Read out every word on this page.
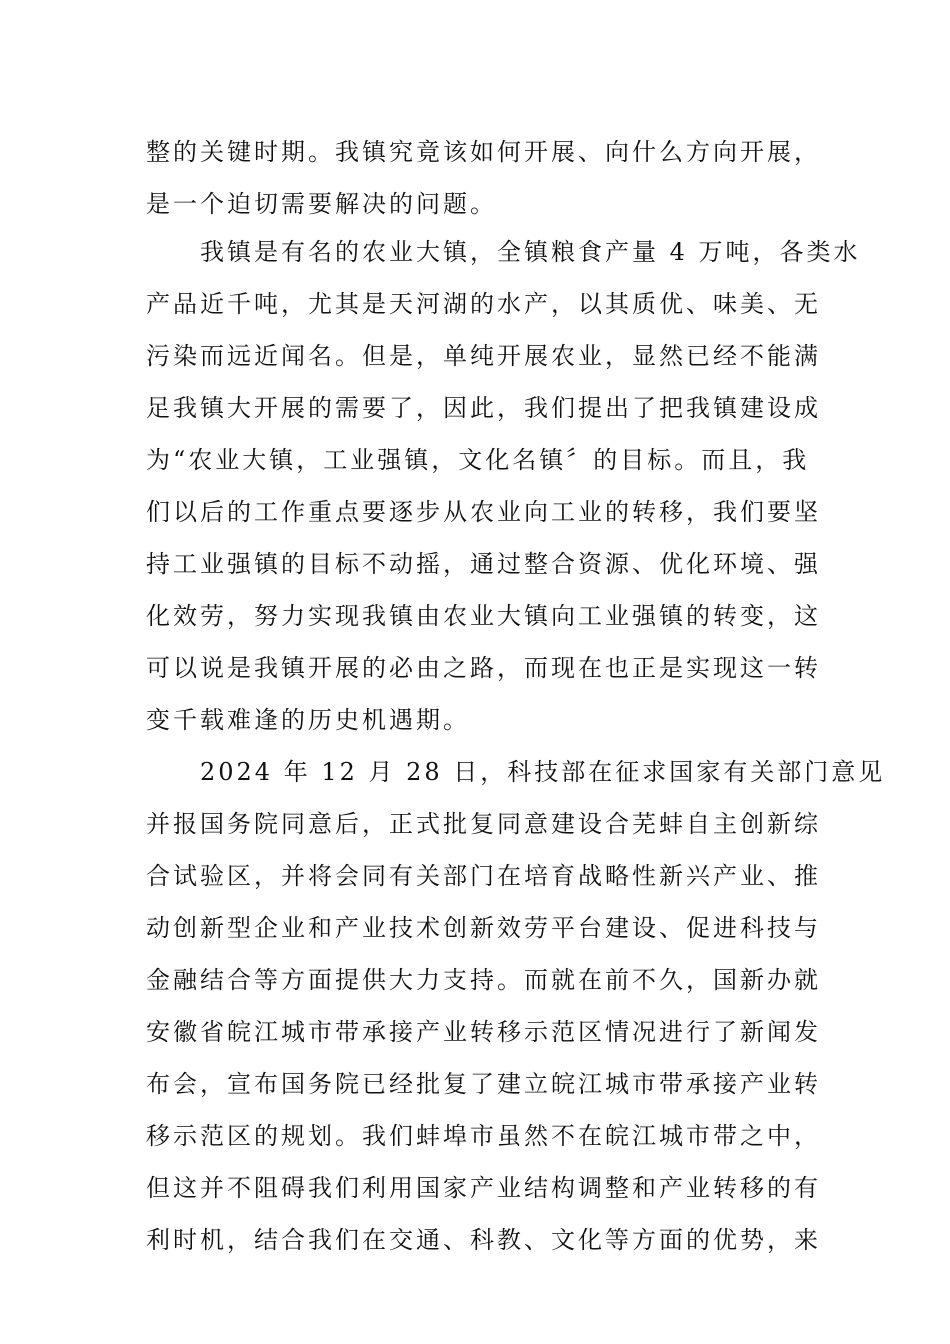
整的关键时期。我镇究竟该如何开展、向什么方向开展，
是一个迫切需要解决的问题。
　　我镇是有名的农业大镇，全镇粮食产量 4 万吨，各类水
产品近千吨，尤其是天河湖的水产，以其质优、味美、无
污染而远近闻名。但是，单纯开展农业，显然已经不能满
足我镇大开展的需要了，因此，我们提出了把我镇建设成
为“农业大镇，工业强镇，文化名镇〞的目标。而且，我
们以后的工作重点要逐步从农业向工业的转移，我们要坚
持工业强镇的目标不动摇，通过整合资源、优化环境、强
化效劳，努力实现我镇由农业大镇向工业强镇的转变，这
可以说是我镇开展的必由之路，而现在也正是实现这一转
变千载难逢的历史机遇期。
　　2024 年 12 月 28 日，科技部在征求国家有关部门意见
并报国务院同意后，正式批复同意建设合芜蚌自主创新综
合试验区，并将会同有关部门在培育战略性新兴产业、推
动创新型企业和产业技术创新效劳平台建设、促进科技与
金融结合等方面提供大力支持。而就在前不久，国新办就
安徽省皖江城市带承接产业转移示范区情况进行了新闻发
布会，宣布国务院已经批复了建立皖江城市带承接产业转
移示范区的规划。我们蚌埠市虽然不在皖江城市带之中，
但这并不阻碍我们利用国家产业结构调整和产业转移的有
利时机，结合我们在交通、科教、文化等方面的优势，来
